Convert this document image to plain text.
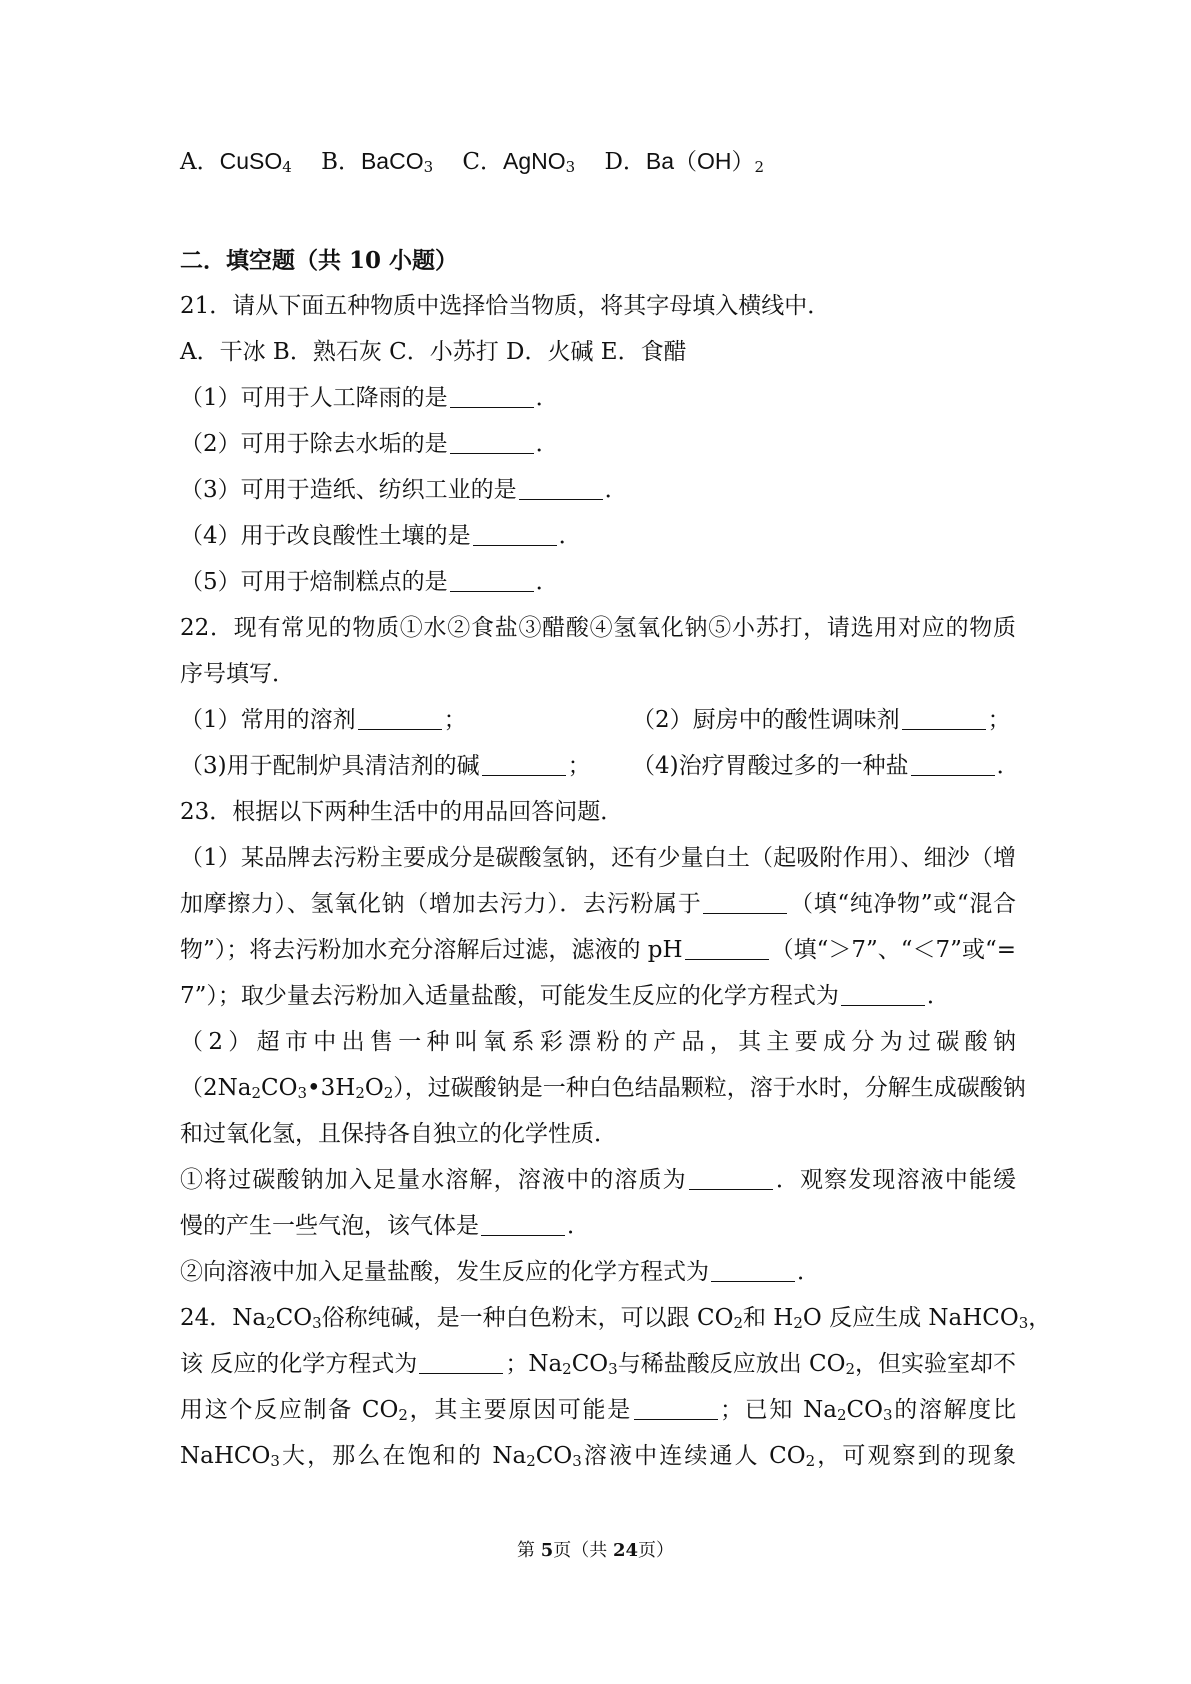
A．CuSO$_4$ B．BaCO$_3$ C．AgNO$_3$ D．$Ba(OH)_2$
二．填空题（共 10 小题）
21．请从下面五种物质中选择恰当物质，将其字母填入横线中．
A．干冰 B．熟石灰 C．小苏打 D．火碱 E．食醋
（1）可用于人工降雨的是	．
（2）可用于除去水垢的是	．
（3）可用于造纸、纺织工业的是	．
（4）用于改良酸性土壤的是	．
（5）可用于焙制糕点的是	．
22．现有常见的物质①水②食盐③醋酸④氢氧化钠⑤小苏打，请选用对应的物质
序号填写．
（1）常用的溶剂	；	（2）厨房中的酸性调味剂	；
（3)用于配制炉具清洁剂的碱	； （4)治疗胃酸过多的一种盐	．
23．根据以下两种生活中的用品回答问题．
（1）某品牌去污粉主要成分是碳酸氢钠，还有少量白土（起吸附作用）、细沙（增
加摩擦力）、氢氧化钠（增加去污力）．去污粉属于	（填“纯净物”或“混合
物”）；将去污粉加水充分溶解后过滤，滤液的 pH	（填“＞7”、“＜7”或“=
7”）；取少量去污粉加入适量盐酸，可能发生反应的化学方程式为	．
（2）超市中出售一种叫氧系彩漂粉的产品，其主要成分为过碳酸钠
$(2Na_2CO_3•3H_2O_2)$，过碳酸钠是一种白色结晶颗粒，溶于水时，分解生成碳酸钠
和过氧化氢，且保持各自独立的化学性质．
①将过碳酸钠加入足量水溶解，溶液中的溶质为	．观察发现溶液中能缓
慢的产生一些气泡，该气体是	．
②向溶液中加入足量盐酸，发生反应的化学方程式为	．
24．$Na_2CO_3$俗称纯碱，是一种白色粉末，可以跟 $CO_2$和 $H_2O$ 反应生成 NaHCO$_3$，
该 反应的化学方程式为	；$Na_2CO_3$与稀盐酸反应放出 $CO_2$，但实验室却不
用这个反应制备 $CO_2$，其主要原因可能是	；已知 $Na_2CO_3$的溶解度比
NaHCO$_3$大，那么在饱和的 $Na_2CO_3$溶液中连续通人 $CO_2$，可观察到的现象
第 5页（共 24页）
